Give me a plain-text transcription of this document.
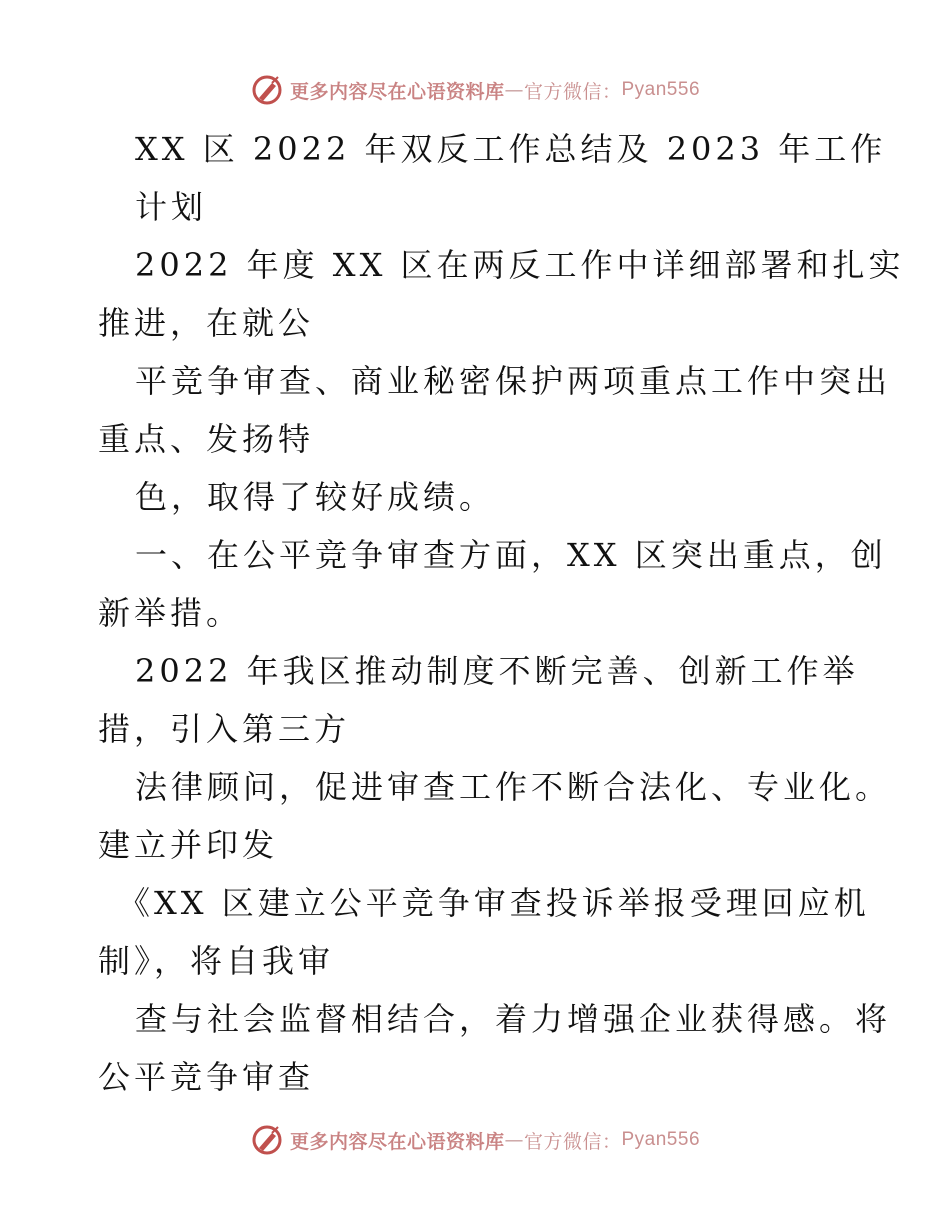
更多内容尽在心语资料库 — 官方微信： Pyan556
XX 区 2022 年双反工作总结及 2023 年工作
计划
2022 年度 XX 区在两反工作中详细部署和扎实
推进，在就公
平竞争审查、商业秘密保护两项重点工作中突出
重点、发扬特
色，取得了较好成绩。
一、在公平竞争审查方面，XX 区突出重点，创
新举措。
2022 年我区推动制度不断完善、创新工作举
措，引入第三方
法律顾问，促进审查工作不断合法化、专业化。
建立并印发
《XX 区建立公平竞争审查投诉举报受理回应机
制》，将自我审
查与社会监督相结合，着力增强企业获得感。将
公平竞争审查
更多内容尽在心语资料库 — 官方微信： Pyan556
